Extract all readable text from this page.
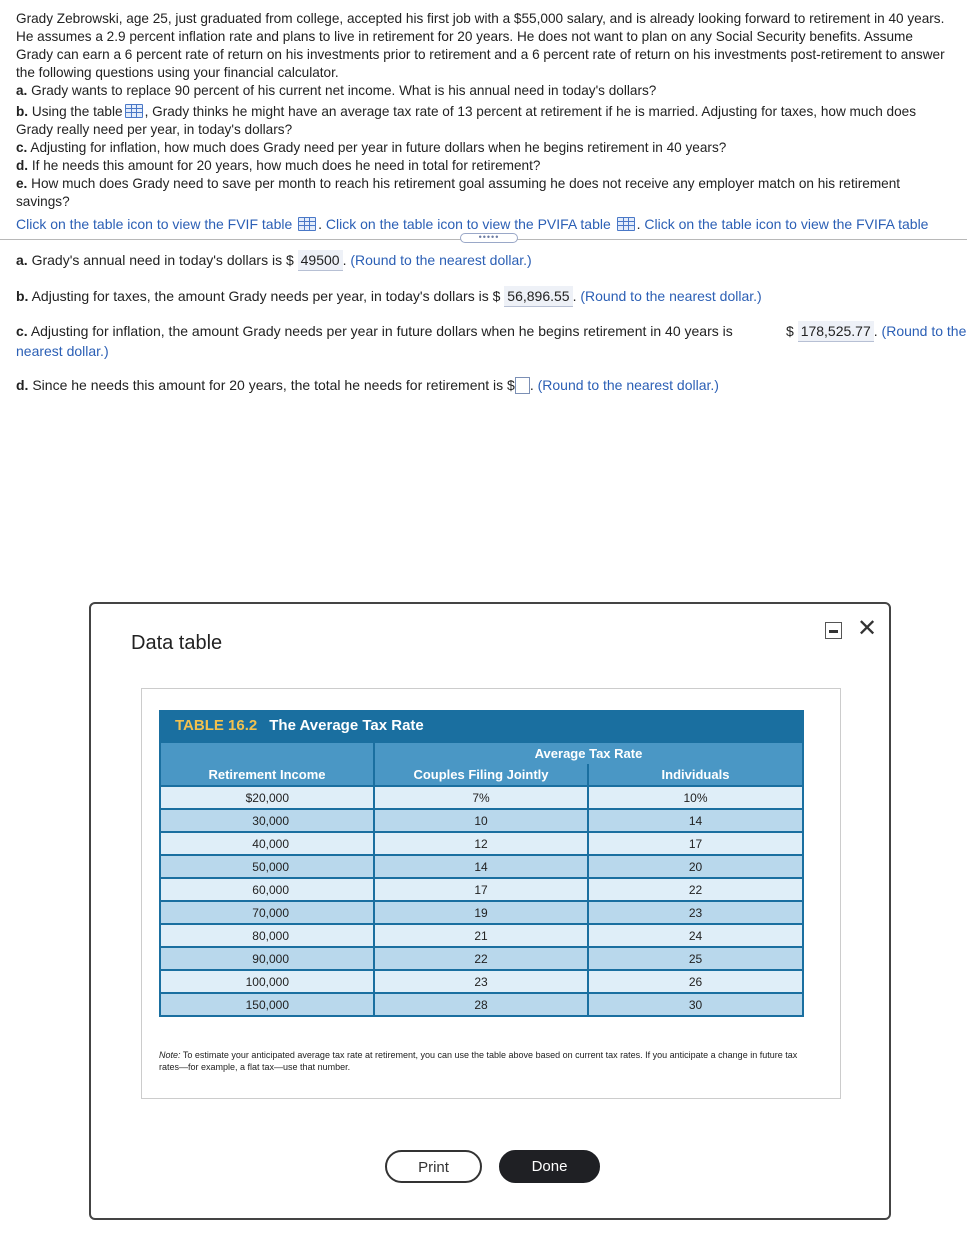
Grady Zebrowski, age 25, just graduated from college, accepted his first job with a $55,000 salary, and is already looking forward to retirement in 40 years. He assumes a 2.9 percent inflation rate and plans to live in retirement for 20 years. He does not want to plan on any Social Security benefits. Assume Grady can earn a 6 percent rate of return on his investments prior to retirement and a 6 percent rate of return on his investments post-retirement to answer the following questions using your financial calculator.

a. Grady wants to replace 90 percent of his current net income. What is his annual need in today's dollars?

b. Using the table , Grady thinks he might have an average tax rate of 13 percent at retirement if he is married. Adjusting for taxes, how much does Grady really need per year, in today's dollars?

c. Adjusting for inflation, how much does Grady need per year in future dollars when he begins retirement in 40 years?

d. If he needs this amount for 20 years, how much does he need in total for retirement?

e. How much does Grady need to save per month to reach his retirement goal assuming he does not receive any employer match on his retirement savings?

Click on the table icon to view the FVIF table . Click on the table icon to view the PVIFA table . Click on the table icon to view the FVIFA table
•••••
a. Grady's annual need in today's dollars is $ 49500 . (Round to the nearest dollar.)
b. Adjusting for taxes, the amount Grady needs per year, in today's dollars is $ 56,896.55 . (Round to the nearest dollar.)
c. Adjusting for inflation, the amount Grady needs per year in future dollars when he begins retirement in 40 years is	$ 178,525.77 . (Round to the

nearest dollar.)
d. Since he needs this amount for 20 years, the total he needs for retirement is $ . (Round to the nearest dollar.)
Data table
✕
TABLE 16.2 The Average Tax Rate
	Average Tax Rate	
Retirement Income	Couples Filing Jointly	Individuals
$20,000	7%	10%
30,000	10	14
40,000	12	17
50,000	14	20
60,000	17	22
70,000	19	23
80,000	21	24
90,000	22	25
100,000	23	26
150,000	28	30
Note: To estimate your anticipated average tax rate at retirement, you can use the table above based on current tax rates. If you anticipate a change in future tax rates—for example, a flat tax—use that number.
Print	Done
